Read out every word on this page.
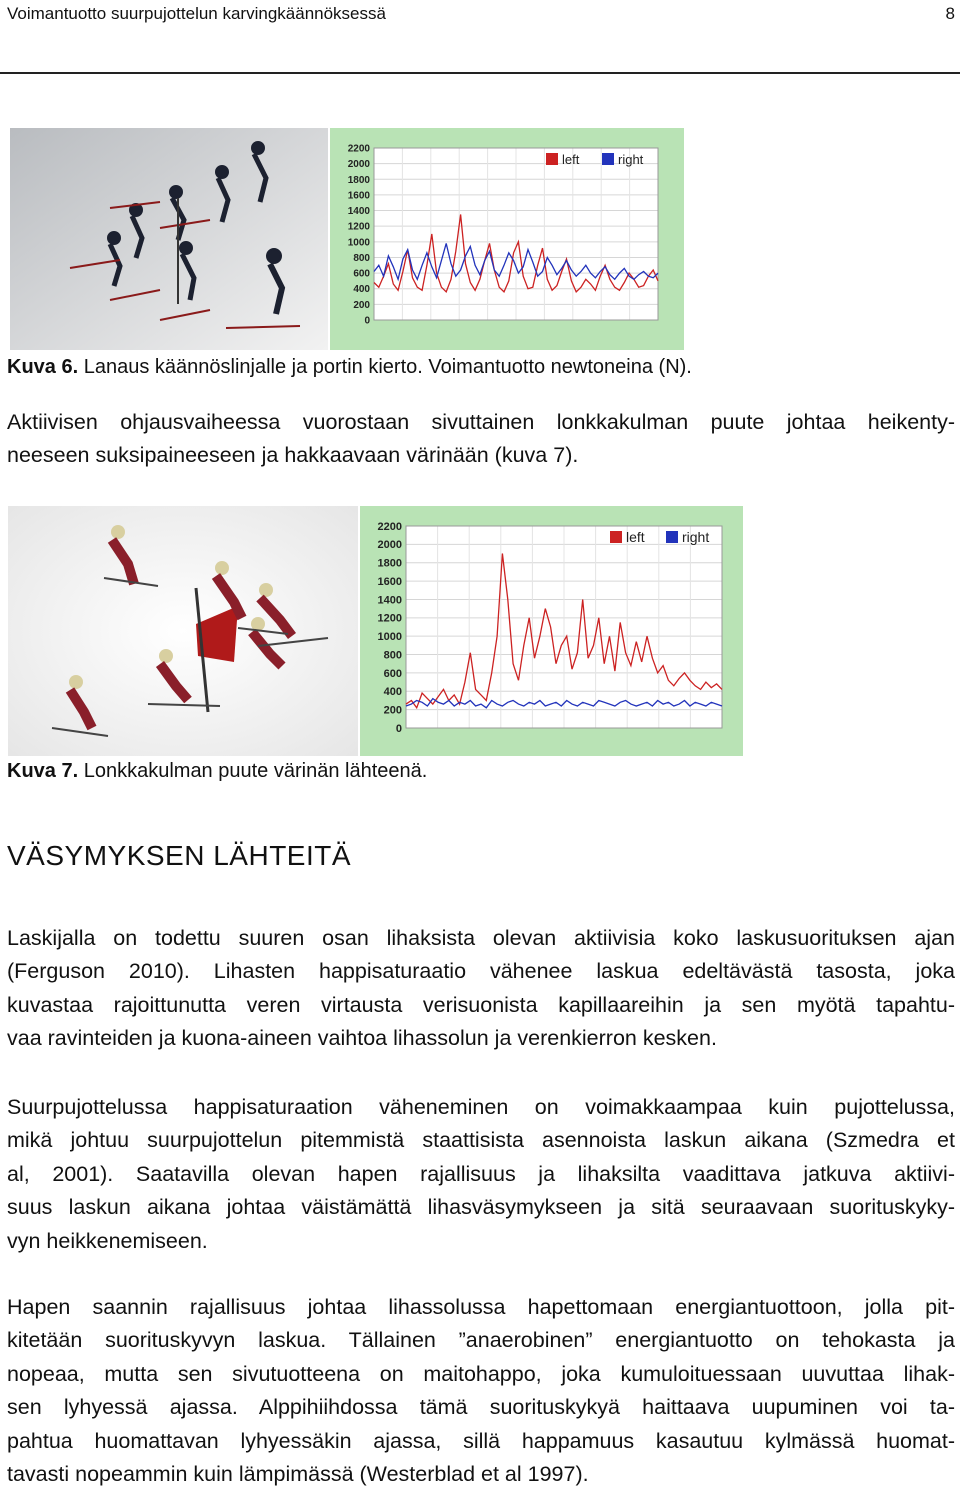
Voimantuotto suurpujottelun karvingkäännöksessä	8
2200
2000
1800
1600
1400
1200
1000
800
600
400
200
0
left	right
Kuva 6. Lanaus käännöslinjalle ja portin kierto. Voimantuotto newtoneina (N).
Aktiivisen ohjausvaiheessa vuorostaan sivuttainen lonkkakulman puute johtaa heikenty-
neeseen suksipaineeseen ja hakkaavaan värinään (kuva 7).
2200
2000
1800
1600
1400
1200
1000
800
600
400
200
0
left	right
Kuva 7. Lonkkakulman puute värinän lähteenä.
VÄSYMYKSEN LÄHTEITÄ
Laskijalla on todettu suuren osan lihaksista olevan aktiivisia koko laskusuorituksen ajan
(Ferguson 2010). Lihasten happisaturaatio vähenee laskua edeltävästä tasosta, joka
kuvastaa rajoittunutta veren virtausta verisuonista kapillaareihin ja sen myötä tapahtu-
vaa ravinteiden ja kuona-aineen vaihtoa lihassolun ja verenkierron kesken.
Suurpujottelussa happisaturaation väheneminen on voimakkaampaa kuin pujottelussa,
mikä johtuu suurpujottelun pitemmistä staattisista asennoista laskun aikana (Szmedra et
al, 2001). Saatavilla olevan hapen rajallisuus ja lihaksilta vaadittava jatkuva aktiivi-
suus laskun aikana johtaa väistämättä lihasväsymykseen ja sitä seuraavaan suorituskyky-
vyn heikkenemiseen.
Hapen saannin rajallisuus johtaa lihassolussa hapettomaan energiantuottoon, jolla pit-
kitetään suorituskyvyn laskua. Tällainen ”anaerobinen” energiantuotto on tehokasta ja
nopeaa, mutta sen sivutuotteena on maitohappo, joka kumuloituessaan uuvuttaa lihak-
sen lyhyessä ajassa. Alppihiihdossa tämä suorituskykyä haittaava uupuminen voi ta-
pahtua huomattavan lyhyessäkin ajassa, sillä happamuus kasautuu kylmässä huomat-
tavasti nopeammin kuin lämpimässä (Westerblad et al 1997).
